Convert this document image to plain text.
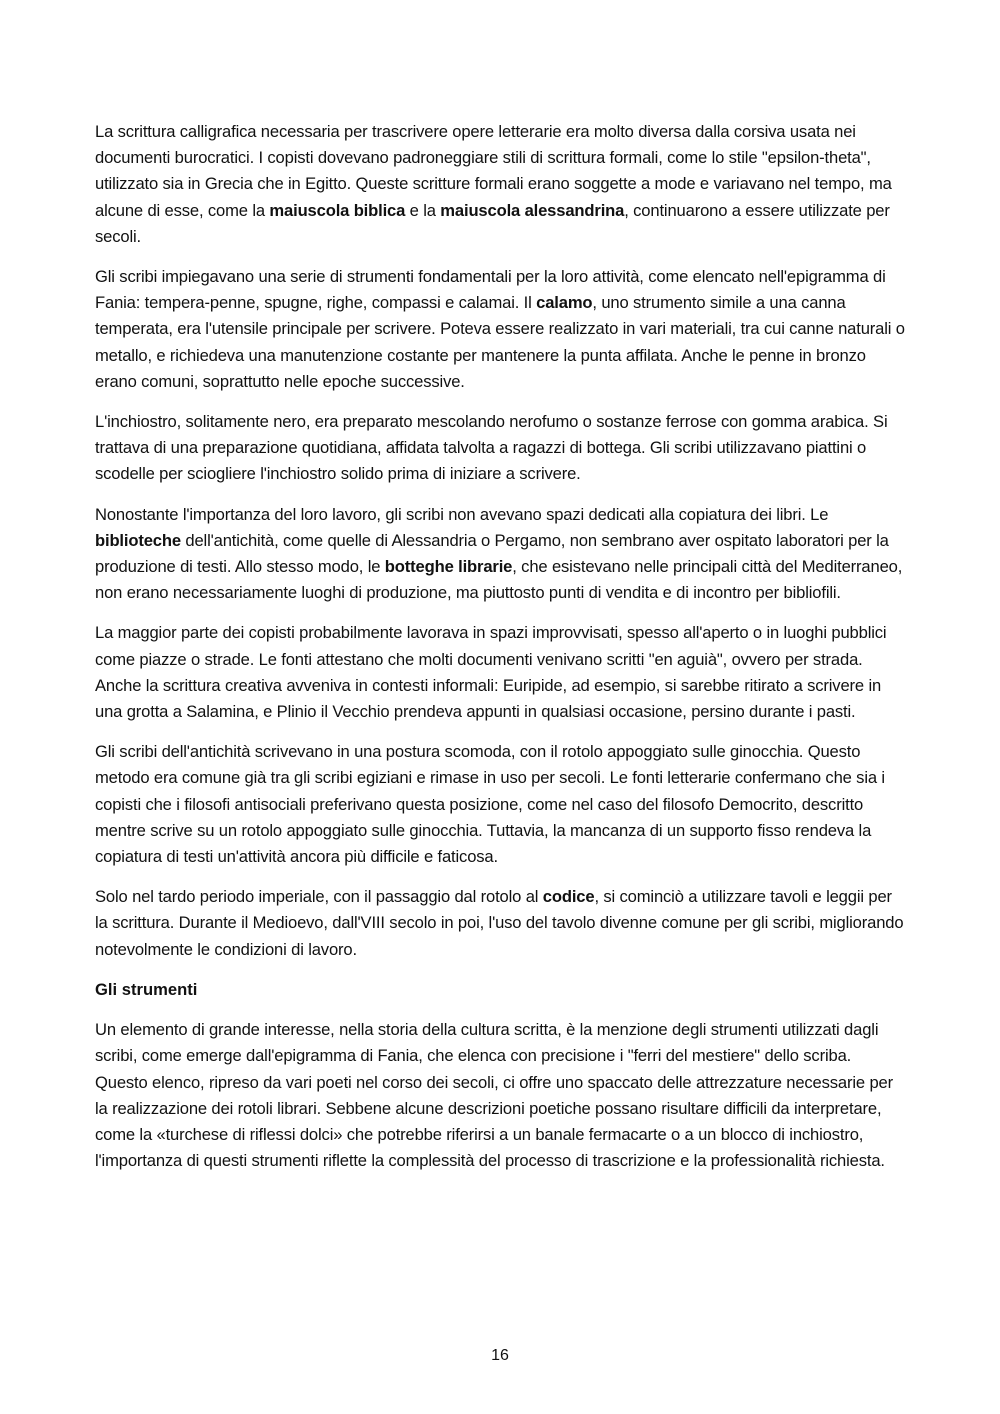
La scrittura calligrafica necessaria per trascrivere opere letterarie era molto diversa dalla corsiva usata nei documenti burocratici. I copisti dovevano padroneggiare stili di scrittura formali, come lo stile "epsilon-theta", utilizzato sia in Grecia che in Egitto. Queste scritture formali erano soggette a mode e variavano nel tempo, ma alcune di esse, come la maiuscola biblica e la maiuscola alessandrina, continuarono a essere utilizzate per secoli.

Gli scribi impiegavano una serie di strumenti fondamentali per la loro attività, come elencato nell'epigramma di Fania: tempera-penne, spugne, righe, compassi e calamai. Il calamo, uno strumento simile a una canna temperata, era l'utensile principale per scrivere. Poteva essere realizzato in vari materiali, tra cui canne naturali o metallo, e richiedeva una manutenzione costante per mantenere la punta affilata. Anche le penne in bronzo erano comuni, soprattutto nelle epoche successive.

L'inchiostro, solitamente nero, era preparato mescolando nerofumo o sostanze ferrose con gomma arabica. Si trattava di una preparazione quotidiana, affidata talvolta a ragazzi di bottega. Gli scribi utilizzavano piattini o scodelle per sciogliere l'inchiostro solido prima di iniziare a scrivere.

Nonostante l'importanza del loro lavoro, gli scribi non avevano spazi dedicati alla copiatura dei libri. Le biblioteche dell'antichità, come quelle di Alessandria o Pergamo, non sembrano aver ospitato laboratori per la produzione di testi. Allo stesso modo, le botteghe librarie, che esistevano nelle principali città del Mediterraneo, non erano necessariamente luoghi di produzione, ma piuttosto punti di vendita e di incontro per bibliofili.

La maggior parte dei copisti probabilmente lavorava in spazi improvvisati, spesso all'aperto o in luoghi pubblici come piazze o strade. Le fonti attestano che molti documenti venivano scritti "en aguià", ovvero per strada. Anche la scrittura creativa avveniva in contesti informali: Euripide, ad esempio, si sarebbe ritirato a scrivere in una grotta a Salamina, e Plinio il Vecchio prendeva appunti in qualsiasi occasione, persino durante i pasti.

Gli scribi dell'antichità scrivevano in una postura scomoda, con il rotolo appoggiato sulle ginocchia. Questo metodo era comune già tra gli scribi egiziani e rimase in uso per secoli. Le fonti letterarie confermano che sia i copisti che i filosofi antisociali preferivano questa posizione, come nel caso del filosofo Democrito, descritto mentre scrive su un rotolo appoggiato sulle ginocchia. Tuttavia, la mancanza di un supporto fisso rendeva la copiatura di testi un'attività ancora più difficile e faticosa.

Solo nel tardo periodo imperiale, con il passaggio dal rotolo al codice, si cominciò a utilizzare tavoli e leggii per la scrittura. Durante il Medioevo, dall'VIII secolo in poi, l'uso del tavolo divenne comune per gli scribi, migliorando notevolmente le condizioni di lavoro.

Gli strumenti

Un elemento di grande interesse, nella storia della cultura scritta, è la menzione degli strumenti utilizzati dagli scribi, come emerge dall'epigramma di Fania, che elenca con precisione i "ferri del mestiere" dello scriba. Questo elenco, ripreso da vari poeti nel corso dei secoli, ci offre uno spaccato delle attrezzature necessarie per la realizzazione dei rotoli librari. Sebbene alcune descrizioni poetiche possano risultare difficili da interpretare, come la «turchese di riflessi dolci» che potrebbe riferirsi a un banale fermacarte o a un blocco di inchiostro, l'importanza di questi strumenti riflette la complessità del processo di trascrizione e la professionalità richiesta.

16
